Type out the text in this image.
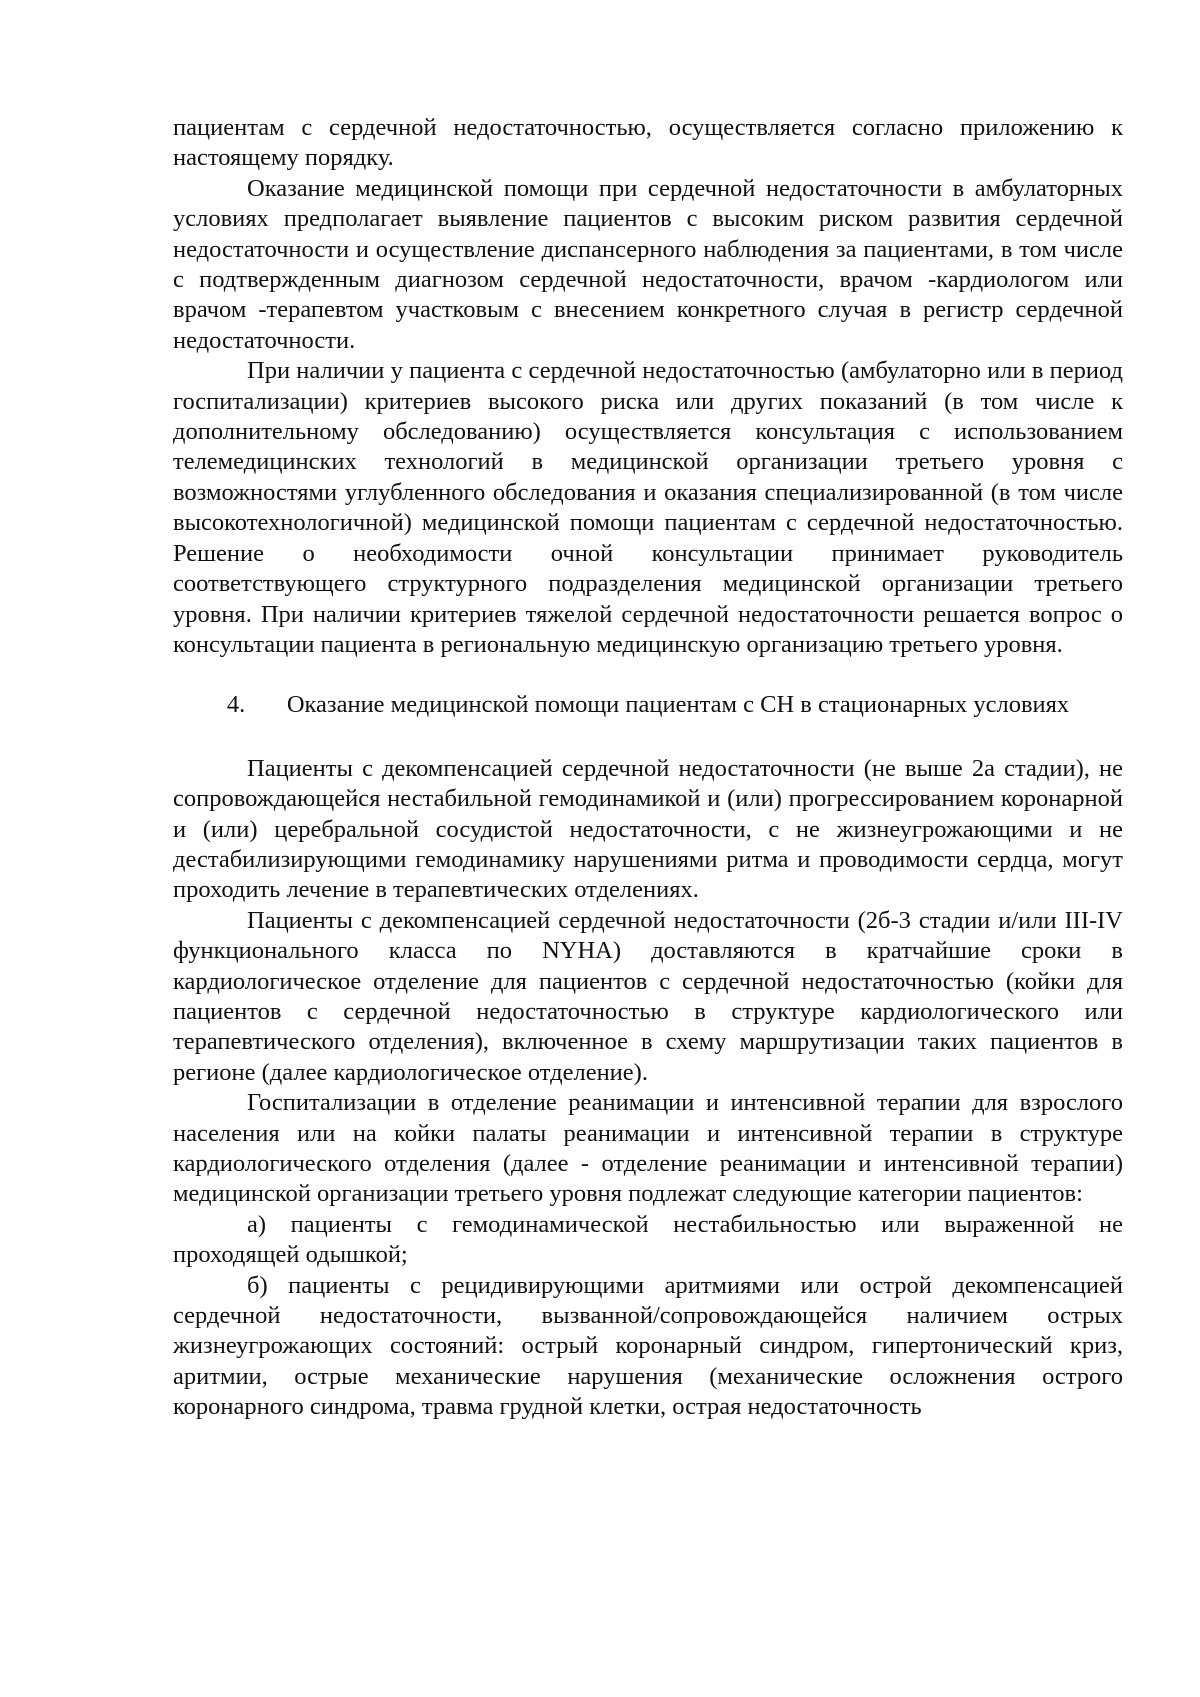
пациентам с сердечной недостаточностью, осуществляется согласно приложению к настоящему порядку.

Оказание медицинской помощи при сердечной недостаточности в амбулаторных условиях предполагает выявление пациентов с высоким риском развития сердечной недостаточности и осуществление диспансерного наблюдения за пациентами, в том числе с подтвержденным диагнозом сердечной недостаточности, врачом -кардиологом или врачом -терапевтом участковым с внесением конкретного случая в регистр сердечной недостаточности.

При наличии у пациента с сердечной недостаточностью (амбулаторно или в период госпитализации) критериев высокого риска или других показаний (в том числе к дополнительному обследованию) осуществляется консультация с использованием телемедицинских технологий в медицинской организации третьего уровня с возможностями углубленного обследования и оказания специализированной (в том числе высокотехнологичной) медицинской помощи пациентам с сердечной недостаточностью. Решение о необходимости очной консультации принимает руководитель соответствующего структурного подразделения медицинской организации третьего уровня. При наличии критериев тяжелой сердечной недостаточности решается вопрос о консультации пациента в региональную медицинскую организацию третьего уровня.

4. Оказание медицинской помощи пациентам с СН в стационарных условиях

Пациенты с декомпенсацией сердечной недостаточности (не выше 2а стадии), не сопровождающейся нестабильной гемодинамикой и (или) прогрессированием коронарной и (или) церебральной сосудистой недостаточности, с не жизнеугрожающими и не дестабилизирующими гемодинамику нарушениями ритма и проводимости сердца, могут проходить лечение в терапевтических отделениях.

Пациенты с декомпенсацией сердечной недостаточности (2б-3 стадии и/или III-IV функционального класса по NYHA) доставляются в кратчайшие сроки в кардиологическое отделение для пациентов с сердечной недостаточностью (койки для пациентов с сердечной недостаточностью в структуре кардиологического или терапевтического отделения), включенное в схему маршрутизации таких пациентов в регионе (далее кардиологическое отделение).

Госпитализации в отделение реанимации и интенсивной терапии для взрослого населения или на койки палаты реанимации и интенсивной терапии в структуре кардиологического отделения (далее - отделение реанимации и интенсивной терапии) медицинской организации третьего уровня подлежат следующие категории пациентов:

а) пациенты с гемодинамической нестабильностью или выраженной не проходящей одышкой;

б) пациенты с рецидивирующими аритмиями или острой декомпенсацией сердечной недостаточности, вызванной/сопровождающейся наличием острых жизнеугрожающих состояний: острый коронарный синдром, гипертонический криз, аритмии, острые механические нарушения (механические осложнения острого коронарного синдрома, травма грудной клетки, острая недостаточность
